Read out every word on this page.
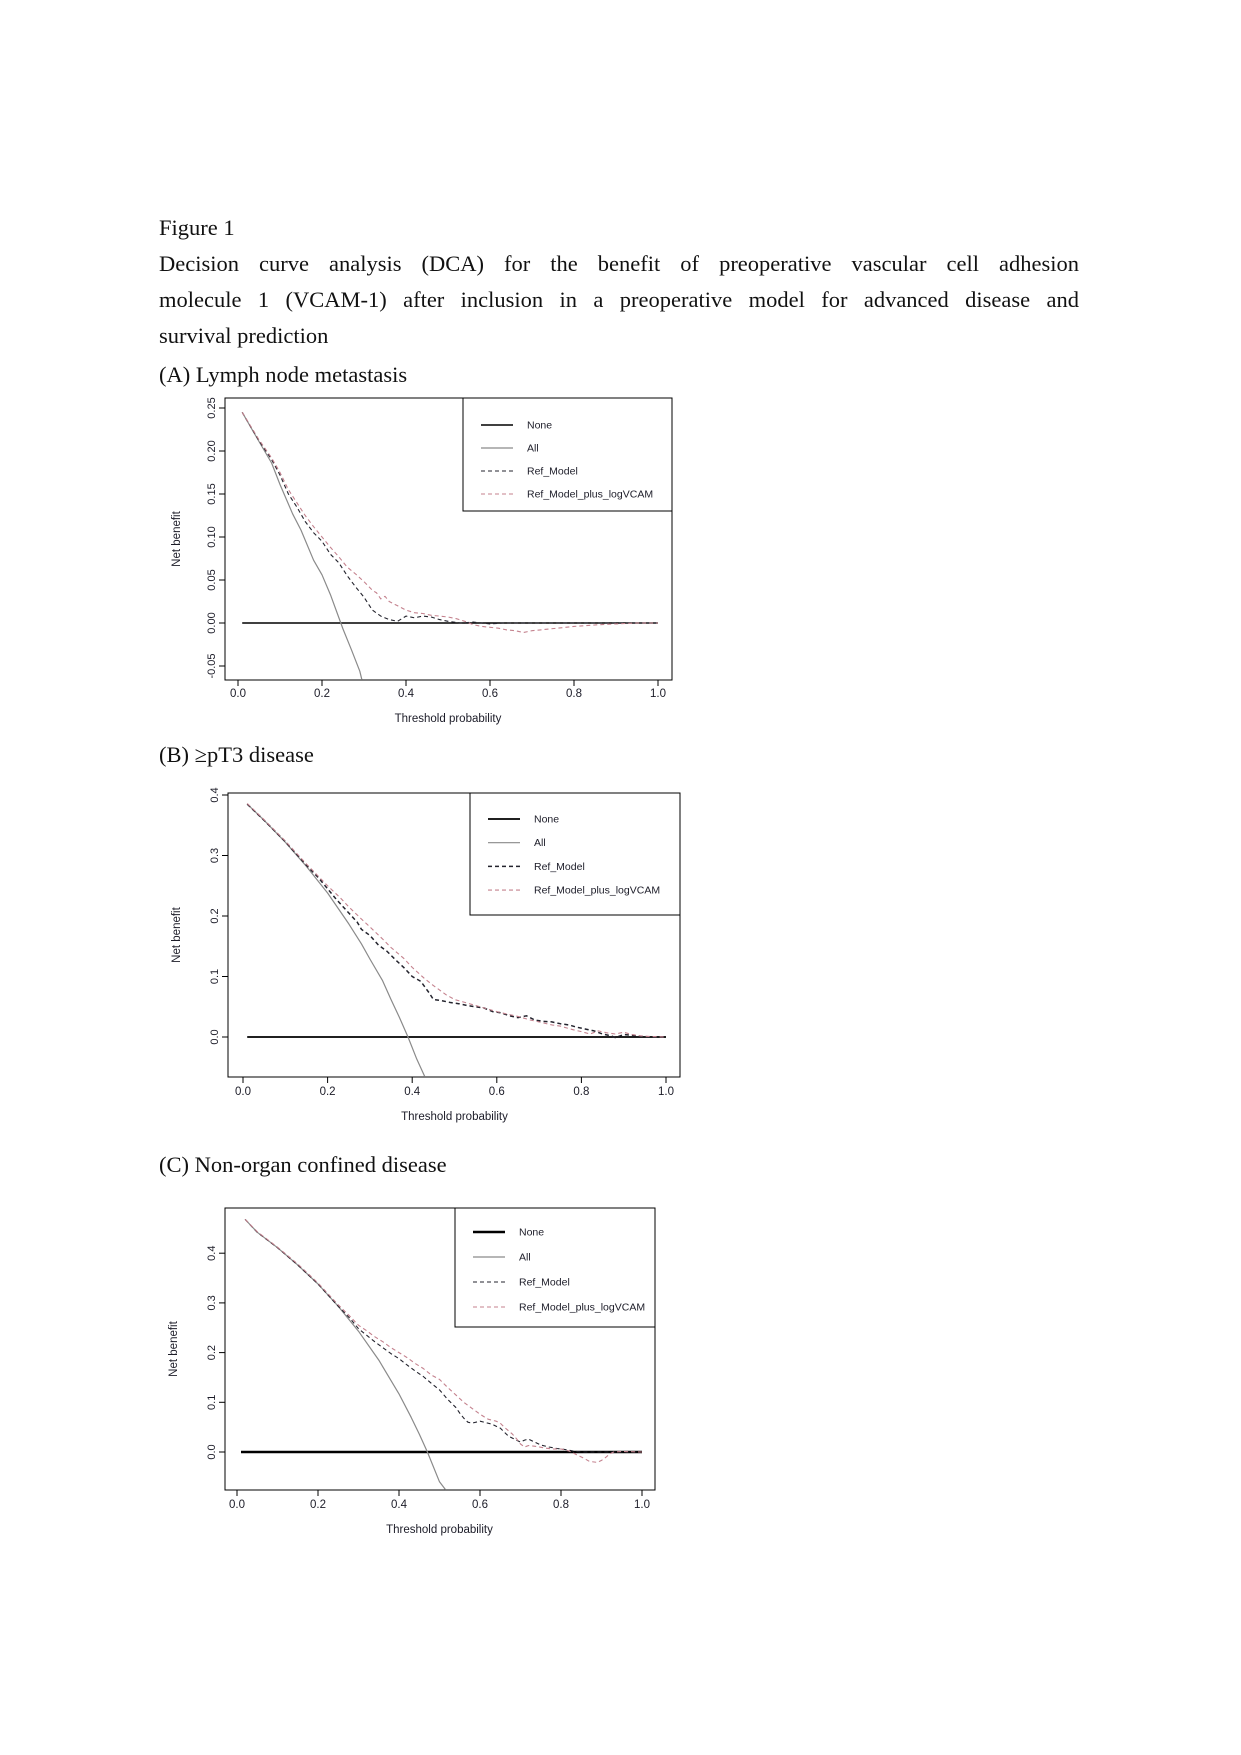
Figure 1
Decision curve analysis (DCA) for the benefit of preoperative vascular cell adhesion
molecule 1 (VCAM-1) after inclusion in a preoperative model for advanced disease and
survival prediction
(A) Lymph node metastasis
-0.05
0.00
0.05
0.10
0.15
0.20
0.25
0.0	0.2	0.4	0.6	0.8	1.0
Net benefit
Threshold probability
None
All
Ref_Model
Ref_Model_plus_logVCAM
(B) ≥pT3 disease
0.0
0.1
0.2
0.3
0.4
0.0	0.2	0.4	0.6	0.8	1.0
Net benefit
Threshold probability
None
All
Ref_Model
Ref_Model_plus_logVCAM
(C) Non-organ confined disease
0.0
0.1
0.2
0.3
0.4
0.0	0.2	0.4	0.6	0.8	1.0
Net benefit
Threshold probability
None
All
Ref_Model
Ref_Model_plus_logVCAM
